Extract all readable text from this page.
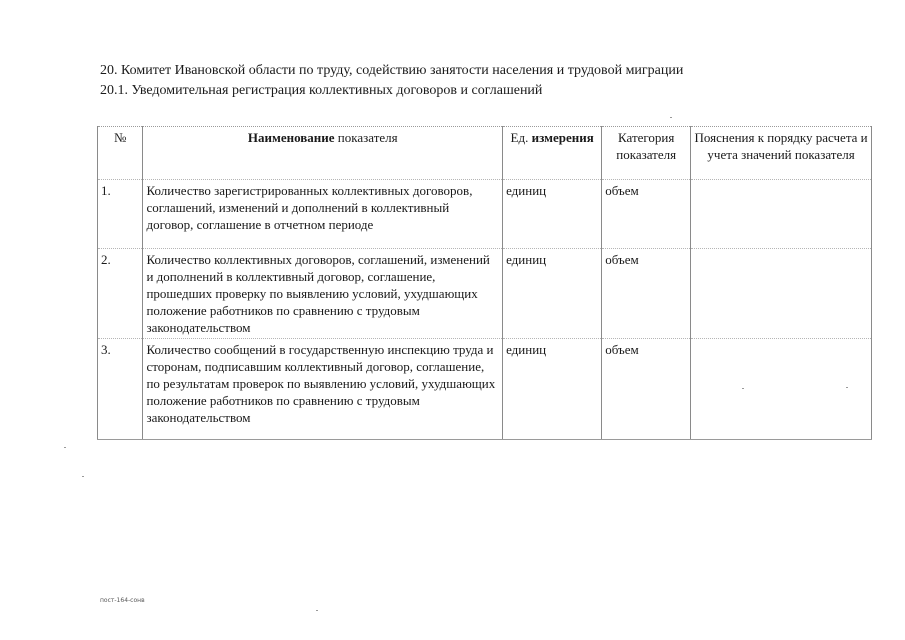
20. Комитет Ивановской области по труду, содействию занятости населения и трудовой миграции
20.1. Уведомительная регистрация коллективных договоров и соглашений
№	Наименование показателя	Ед. измерения	Категория показателя	Пояснения к порядку расчета и учета значений показателя
1.	Количество зарегистрированных коллективных договоров, соглашений, изменений и дополнений в коллективный договор, соглашение в отчетном периоде	единиц	объем	
2.	Количество коллективных договоров, соглашений, изменений и дополнений в коллективный договор, соглашение, прошедших проверку по выявлению условий, ухудшающих положение работников по сравнению с трудовым законодательством	единиц	объем	
3.	Количество сообщений в государственную инспекцию труда и сторонам, подписавшим коллективный договор, соглашение, по результатам проверок по выявлению условий, ухудшающих положение работников по сравнению с трудовым законодательством	единиц	объем	
пост-164-сонв
